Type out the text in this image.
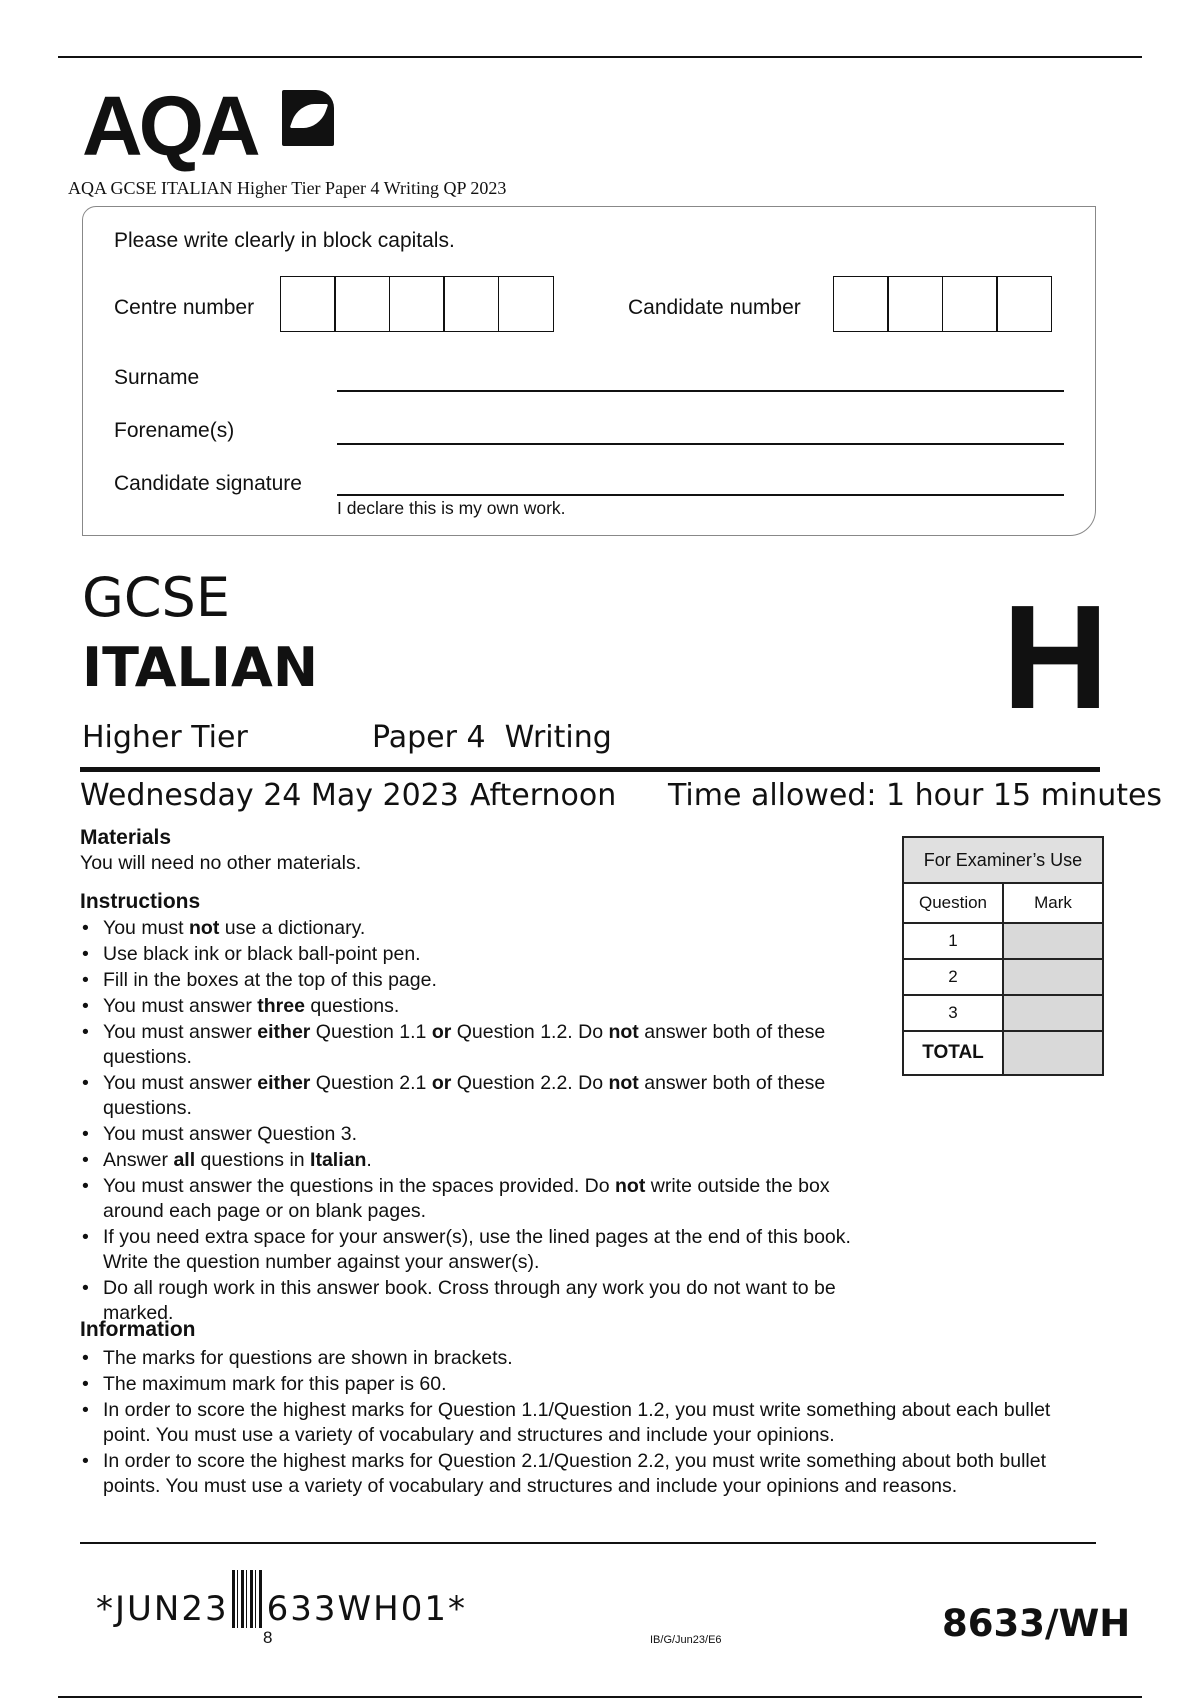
AQA
AQA GCSE ITALIAN Higher Tier Paper 4 Writing QP 2023
Please write clearly in block capitals.
Centre number	Candidate number
Surname
Forename(s)
Candidate signature
I declare this is my own work.
GCSE
ITALIAN	H
Higher Tier	Paper 4  Writing
Wednesday 24 May 2023 Afternoon Time allowed: 1 hour 15 minutes
Materials
You will need no other materials.
Instructions
• You must not use a dictionary.
• Use black ink or black ball-point pen.
• Fill in the boxes at the top of this page.
• You must answer three questions.
• You must answer either Question 1.1 or Question 1.2. Do not answer both of these questions.
• You must answer either Question 2.1 or Question 2.2. Do not answer both of these questions.
• You must answer Question 3.
• Answer all questions in Italian.
• You must answer the questions in the spaces provided. Do not write outside the box around each page or on blank pages.
• If you need extra space for your answer(s), use the lined pages at the end of this book. Write the question number against your answer(s).
• Do all rough work in this answer book. Cross through any work you do not want to be marked.
Information
• The marks for questions are shown in brackets.
• The maximum mark for this paper is 60.
• In order to score the highest marks for Question 1.1/Question 1.2, you must write something about each bullet point. You must use a variety of vocabulary and structures and include your opinions.
• In order to score the highest marks for Question 2.1/Question 2.2, you must write something about both bullet points. You must use a variety of vocabulary and structures and include your opinions and reasons.
For Examiner’s Use	
Question	Mark
1	
2	
3	
TOTAL	
*JUN23 633WH01*
8	IB/G/Jun23/E6	8633/WH
